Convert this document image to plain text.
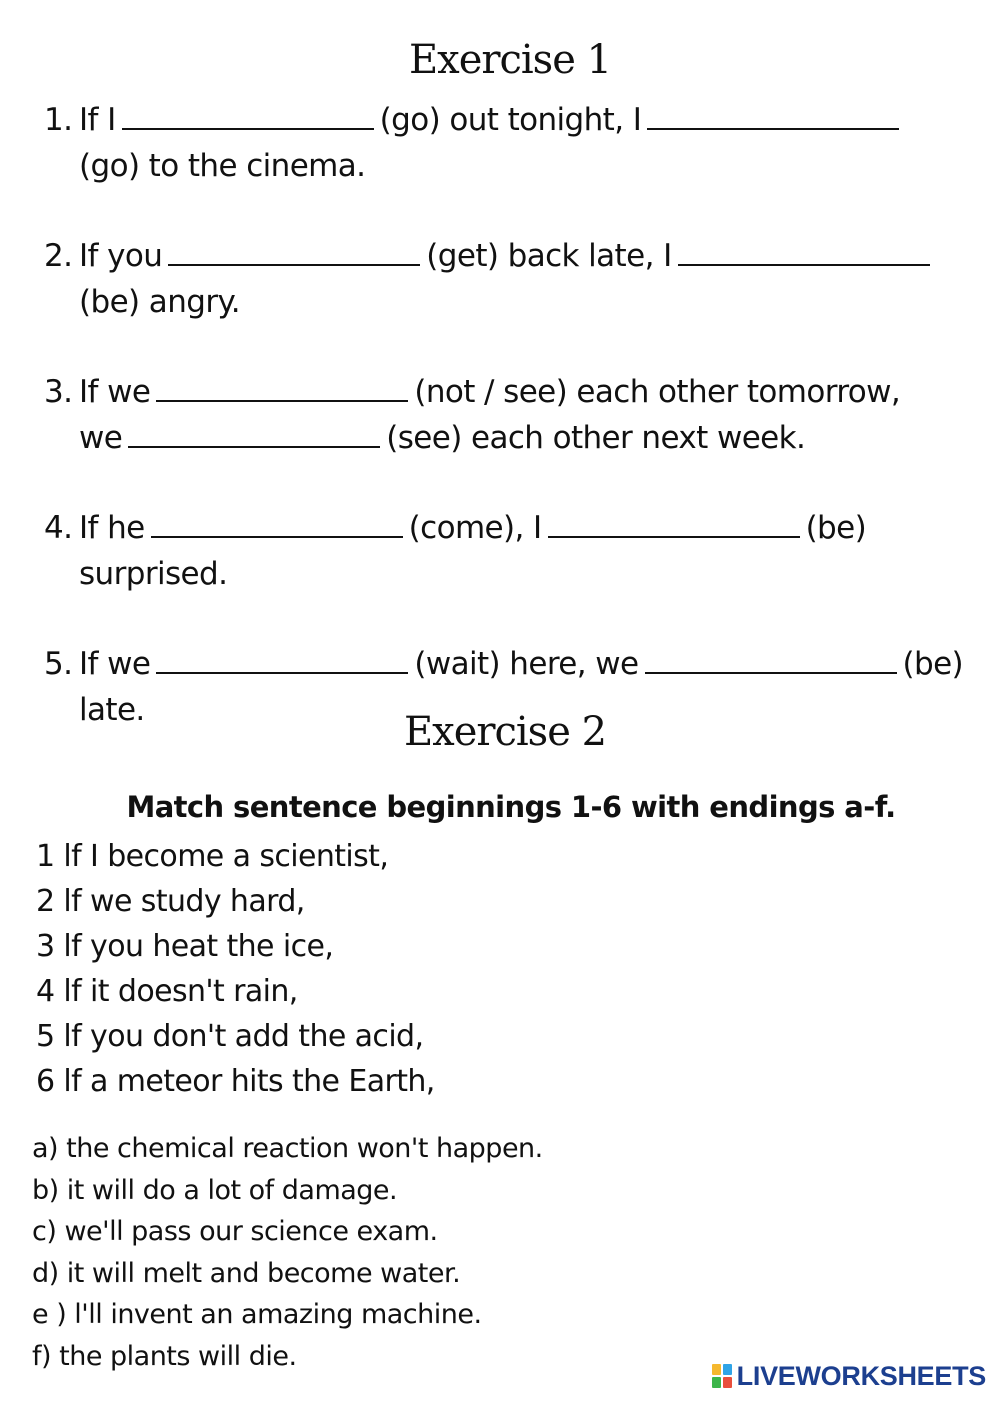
Exercise 1
1. If I	(go) out tonight, I
(go) to the cinema.
2. If you	(get) back late, I
(be) angry.
3. If we	(not / see) each other tomorrow,
we	(see) each other next week.
4. If he	(come), I	(be)
surprised.
5. If we	(wait) here, we	(be)
late.	Exercise 2
Match sentence beginnings 1-6 with endings a-f.
1 lf I become a scientist,
2 lf we study hard,
3 lf you heat the ice,
4 lf it doesn't rain,
5 lf you don't add the acid,
6 lf a meteor hits the Earth,
a) the chemical reaction won't happen.
b) it will do a lot of damage.
c) we'll pass our science exam.
d) it will melt and become water.
e ) l'll invent an amazing machine.
f) the plants will die.
LIVEWORKSHEETS
